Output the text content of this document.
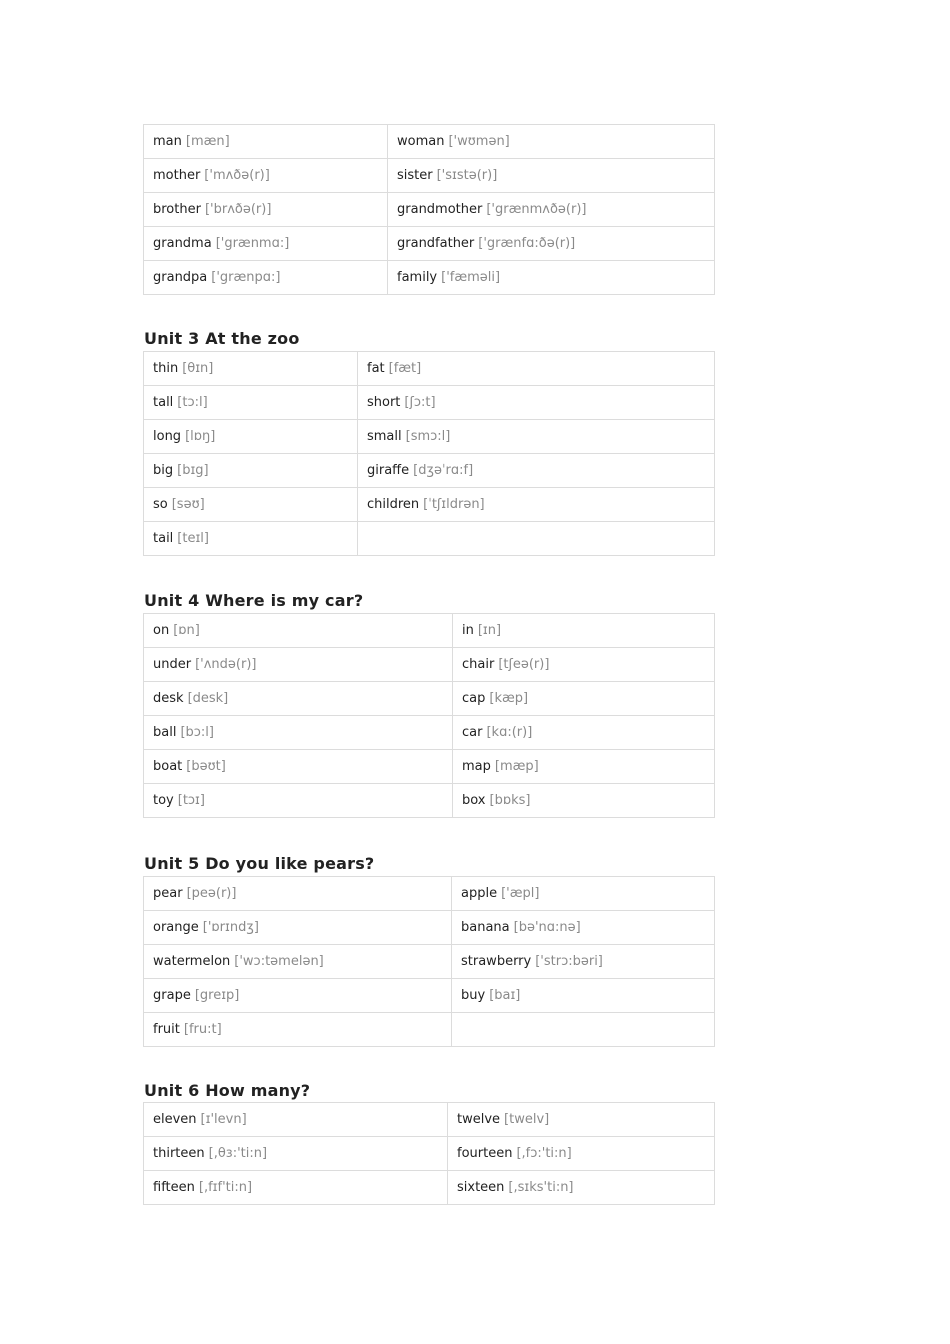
man [mæn]	woman ['wʊmən]
mother ['mʌðə(r)]	sister ['sɪstə(r)]
brother ['brʌðə(r)]	grandmother ['grænmʌðə(r)]
grandma ['grænmɑ:]	grandfather ['grænfɑ:ðə(r)]
grandpa ['grænpɑ:]	family ['fæməli]
Unit 3 At the zoo
thin [θɪn]	fat [fæt]
tall [tɔ:l]	short [ʃɔ:t]
long [lɒŋ]	small [smɔ:l]
big [bɪg]	giraffe [dʒəˈrɑ:f]
so [səʊ]	children [ˈtʃɪldrən]
tail [teɪl]	
Unit 4 Where is my car?
on [ɒn]	in [ɪn]
under ['ʌndə(r)]	chair [tʃeə(r)]
desk [desk]	cap [kæp]
ball [bɔ:l]	car [kɑ:(r)]
boat [bəʊt]	map [mæp]
toy [tɔɪ]	box [bɒks]
Unit 5 Do you like pears?
pear [peə(r)]	apple ['æpl]
orange ['ɒrɪndʒ]	banana [bə'nɑ:nə]
watermelon ['wɔ:təmelən]	strawberry ['strɔ:bəri]
grape [greɪp]	buy [baɪ]
fruit [fru:t]	
Unit 6 How many?
eleven [ɪ'levn]	twelve [twelv]
thirteen [,θɜ:'ti:n]	fourteen [,fɔ:'ti:n]
fifteen [,fɪf'ti:n]	sixteen [,sɪks'ti:n]
